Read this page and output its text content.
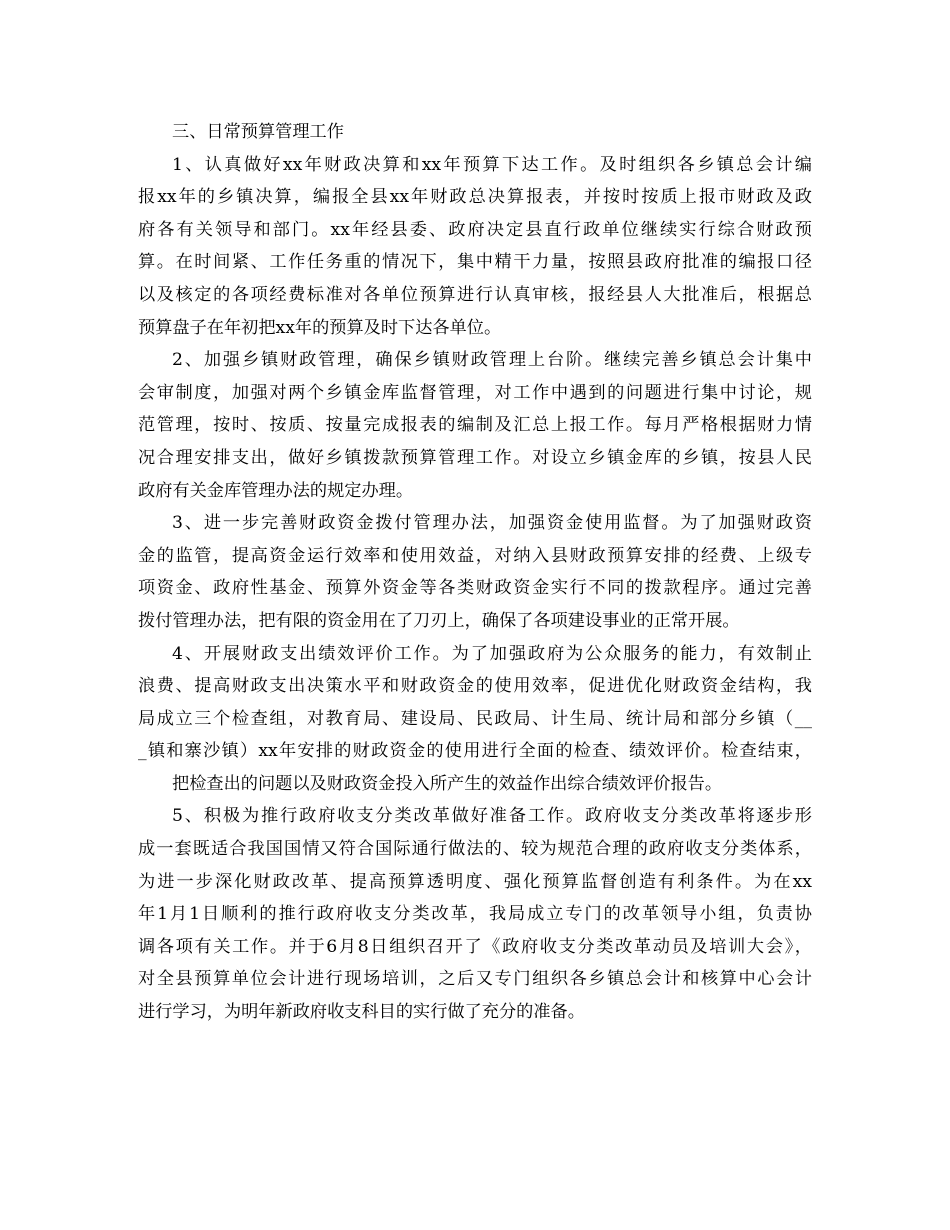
三、日常预算管理工作
1、认真做好xx年财政决算和xx年预算下达工作。及时组织各乡镇总会计编
报xx年的乡镇决算，编报全县xx年财政总决算报表，并按时按质上报市财政及政
府各有关领导和部门。xx年经县委、政府决定县直行政单位继续实行综合财政预
算。在时间紧、工作任务重的情况下，集中精干力量，按照县政府批准的编报口径
以及核定的各项经费标准对各单位预算进行认真审核，报经县人大批准后，根据总
预算盘子在年初把xx年的预算及时下达各单位。
2、加强乡镇财政管理，确保乡镇财政管理上台阶。继续完善乡镇总会计集中
会审制度，加强对两个乡镇金库监督管理，对工作中遇到的问题进行集中讨论，规
范管理，按时、按质、按量完成报表的编制及汇总上报工作。每月严格根据财力情
况合理安排支出，做好乡镇拨款预算管理工作。对设立乡镇金库的乡镇，按县人民
政府有关金库管理办法的规定办理。
3、进一步完善财政资金拨付管理办法，加强资金使用监督。为了加强财政资
金的监管，提高资金运行效率和使用效益，对纳入县财政预算安排的经费、上级专
项资金、政府性基金、预算外资金等各类财政资金实行不同的拨款程序。通过完善
拨付管理办法，把有限的资金用在了刀刃上，确保了各项建设事业的正常开展。
4、开展财政支出绩效评价工作。为了加强政府为公众服务的能力，有效制止
浪费、提高财政支出决策水平和财政资金的使用效率，促进优化财政资金结构，我
局成立三个检查组，对教育局、建设局、民政局、计生局、统计局和部分乡镇（__
_镇和寨沙镇）xx年安排的财政资金的使用进行全面的检查、绩效评价。检查结束，
把检查出的问题以及财政资金投入所产生的效益作出综合绩效评价报告。
5、积极为推行政府收支分类改革做好准备工作。政府收支分类改革将逐步形
成一套既适合我国国情又符合国际通行做法的、较为规范合理的政府收支分类体系，
为进一步深化财政改革、提高预算透明度、强化预算监督创造有利条件。为在xx
年1月1日顺利的推行政府收支分类改革，我局成立专门的改革领导小组，负责协
调各项有关工作。并于6月8日组织召开了《政府收支分类改革动员及培训大会》，
对全县预算单位会计进行现场培训，之后又专门组织各乡镇总会计和核算中心会计
进行学习，为明年新政府收支科目的实行做了充分的准备。
